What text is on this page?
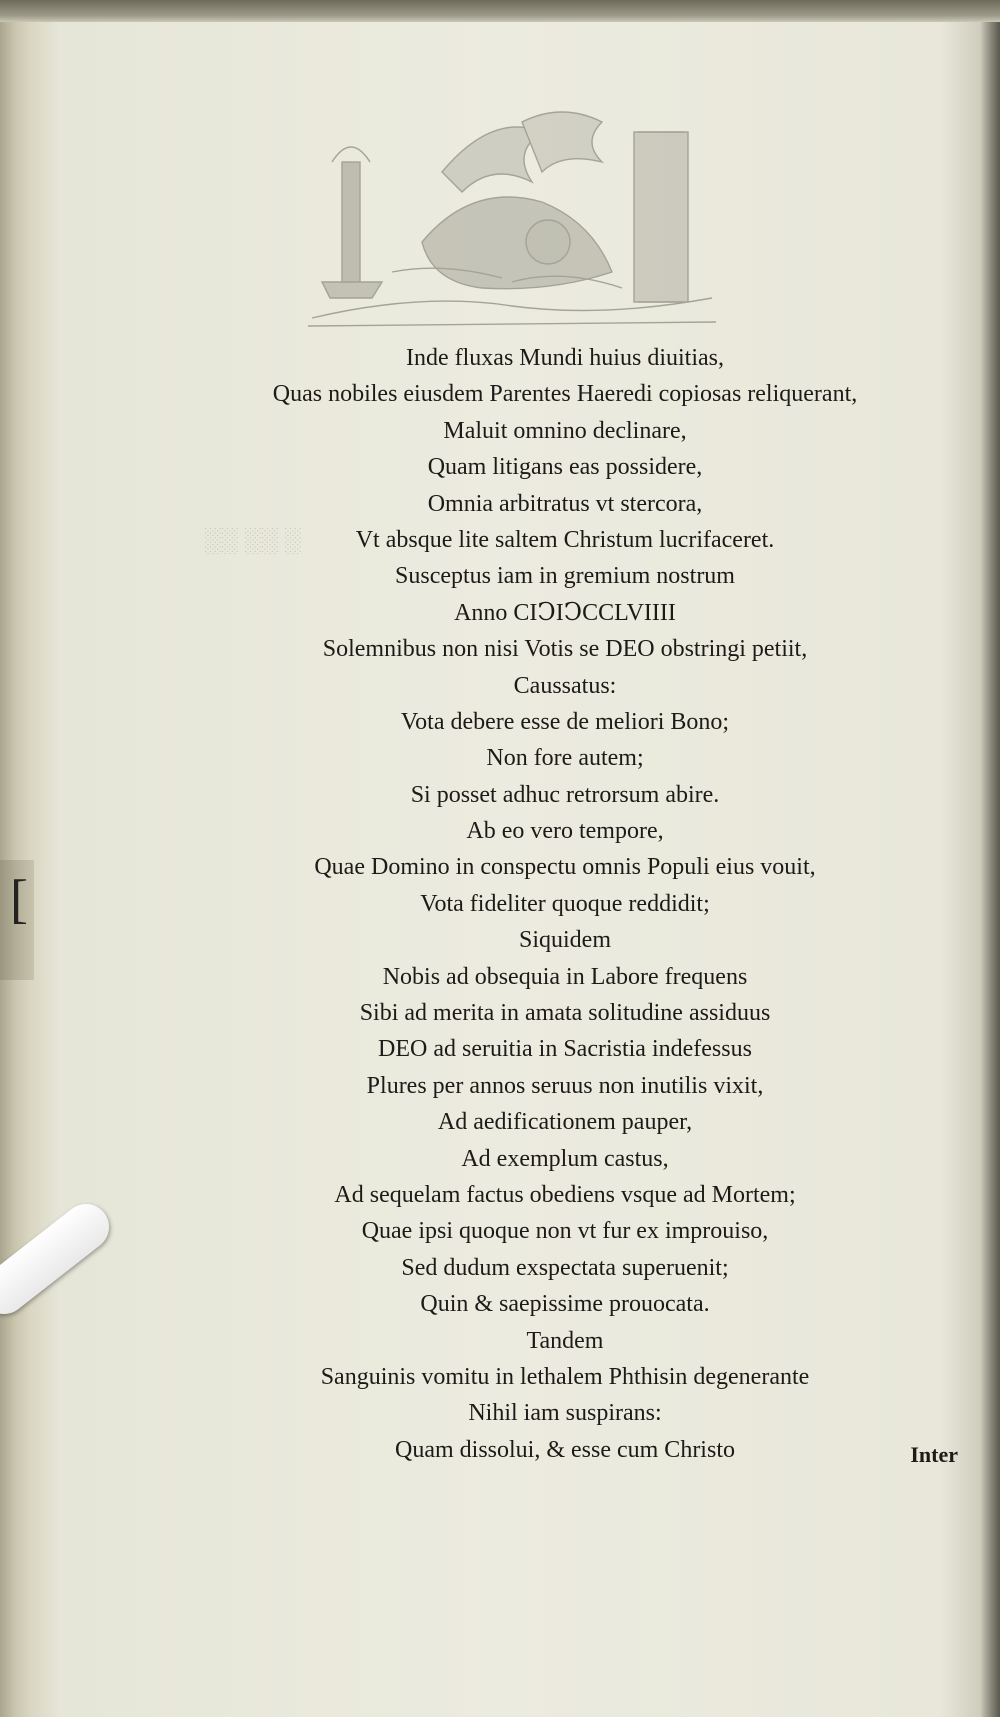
[
░ ░░ ░░
Inde fluxas Mundi huius diuitias,
Quas nobiles eiusdem Parentes Haeredi copiosas reliquerant,
Maluit omnino declinare,
Quam litigans eas possidere,
Omnia arbitratus vt stercora,
Vt absque lite saltem Christum lucrifaceret.
Susceptus iam in gremium nostrum
Anno CIↃIↃCCLVIIII
Solemnibus non nisi Votis se DEO obstringi petiit,
Caussatus:
Vota debere esse de meliori Bono;
Non fore autem;
Si posset adhuc retrorsum abire.
Ab eo vero tempore,
Quae Domino in conspectu omnis Populi eius vouit,
Vota fideliter quoque reddidit;
Siquidem
Nobis ad obsequia in Labore frequens
Sibi ad merita in amata solitudine assiduus
DEO ad seruitia in Sacristia indefessus
Plures per annos seruus non inutilis vixit,
Ad aedificationem pauper,
Ad exemplum castus,
Ad sequelam factus obediens vsque ad Mortem;
Quae ipsi quoque non vt fur ex improuiso,
Sed dudum exspectata superuenit;
Quin & saepissime prouocata.
Tandem
Sanguinis vomitu in lethalem Phthisin degenerante
Nihil iam suspirans:
Quam dissolui, & esse cum Christo	Inter
